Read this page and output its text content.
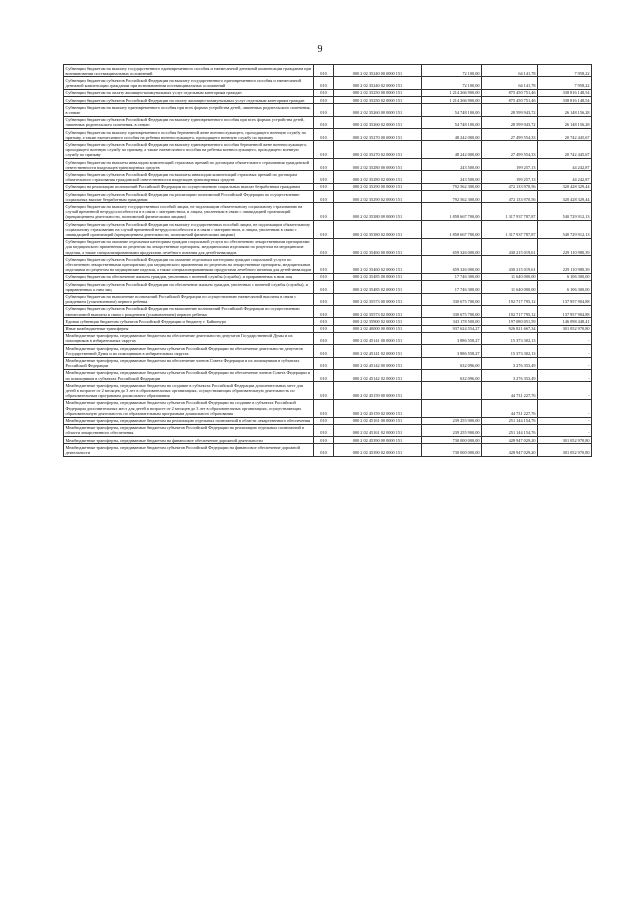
9
Субвенции бюджетам на выплату государственного единовременного пособия и ежемесячной денежной компенсации гражданам при возникновении поствакцинальных осложнений	010	000 2 02 35240 00 0000 151	72 100,00	64 141,78	7 958,22
Субвенции бюджетам субъектов Российской Федерации на выплату государственного единовременного пособия и ежемесячной денежной компенсации гражданам при возникновении поствакцинальных осложнений	010	000 2 02 35240 02 0000 151	72 100,00	64 141,78	7 958,22
Субвенции бюджетам на оплату жилищно-коммунальных услуг отдельным категориям граждан	010	000 2 02 35250 00 0000 151	1 214 266 900,00	875 450 751,46	338 816 148,54
Субвенции бюджетам субъектов Российской Федерации на оплату жилищно-коммунальных услуг отдельным категориям граждан	010	000 2 02 35250 02 0000 151	1 214 266 900,00	875 450 751,46	338 816 148,54
Субвенции бюджетам на выплату единовременного пособия при всех формах устройства детей, лишенных родительского попечения, в семью	010	000 2 02 35260 00 0000 151	54 748 100,00	28 599 943,72	26 148 156,28
Субвенции бюджетам субъектов Российской Федерации на выплату единовременного пособия при всех формах устройства детей, лишенных родительского попечения, в семью	010	000 2 02 35260 02 0000 151	54 748 100,00	28 599 943,72	26 148 156,28
Субвенции бюджетам на выплату единовременного пособия беременной жене военнослужащего, проходящего военную службу по призыву, а также ежемесячного пособия на ребенка военнослужащего, проходящего военную службу по призыву	010	000 2 02 35270 00 0000 151	48 242 000,00	27 499 554,33	20 742 445,67
Субвенции бюджетам субъектов Российской Федерации на выплату единовременного пособия беременной жене военнослужащего, проходящего военную службу по призыву, а также ежемесячного пособия на ребенка военнослужащего, проходящего военную службу по призыву	010	000 2 02 35270 02 0000 151	48 242 000,00	27 499 554,33	20 742 445,67
Субвенции бюджетам на выплаты инвалидам компенсаций страховых премий по договорам обязательного страхования гражданской ответственности владельцев транспортных средств	010	000 2 02 35280 00 0000 151	243 500,00	199 257,13	44 242,87
Субвенции бюджетам субъектов Российской Федерации на выплаты инвалидам компенсаций страховых премий по договорам обязательного страхования гражданской ответственности владельцев транспортных средств	010	000 2 02 35280 02 0000 151	243 500,00	199 257,13	44 242,87
Субвенции на реализацию полномочий Российской Федерации по осуществлению социальных выплат безработным гражданам	010	000 2 02 35290 00 0000 151	792 562 300,00	472 133 970,56	320 428 329,44
Субвенции бюджетам субъектов Российской Федерации на реализацию полномочий Российской Федерации по осуществлению социальных выплат безработным гражданам	010	000 2 02 35290 02 0000 151	792 562 300,00	472 133 970,56	320 428 329,44
Субвенции бюджетам на выплату государственных пособий лицам, не подлежащим обязательному социальному страхованию на случай временной нетрудоспособности и в связи с материнством, и лицам, уволенным в связи с ликвидацией организаций (прекращением деятельности, полномочий физическими лицами)	010	000 2 02 35380 00 0000 151	1 858 667 700,00	1 317 937 787,87	540 729 912,13
Субвенции бюджетам субъектов Российской Федерации на выплату государственных пособий лицам, не подлежащим обязательному социальному страхованию на случай временной нетрудоспособности и в связи с материнством, и лицам, уволенным в связи с ликвидацией организаций (прекращением деятельности, полномочий физическими лицами)	010	000 2 02 35380 02 0000 151	1 858 667 700,00	1 317 937 787,87	540 729 912,13
Субвенции бюджетам на оказание отдельным категориям граждан социальной услуги по обеспечению лекарственными препаратами для медицинского применения по рецептам на лекарственные препараты, медицинскими изделиями по рецептам на медицинские изделия, а также специализированными продуктами лечебного питания для детей-инвалидов	010	000 2 02 35460 00 0000 151	659 326 000,00	430 215 019,61	229 110 980,39
Субвенции бюджетам субъектов Российской Федерации на оказание отдельным категориям граждан социальной услуги по обеспечению лекарственными препаратами для медицинского применения по рецептам на лекарственные препараты, медицинскими изделиями по рецептам на медицинские изделия, а также специализированными продуктами лечебного питания для детей-инвалидов	010	000 2 02 35460 02 0000 151	659 326 000,00	430 215 019,61	229 110 980,39
Субвенции бюджетам на обеспечение жильем граждан, уволенных с военной службы (службы), и приравненных к ним лиц	010	000 2 02 35485 00 0000 151	17 746 300,00	11 640 000,00	6 106 300,00
Субвенции бюджетам субъектов Российской Федерации на обеспечение жильем граждан, уволенных с военной службы (службы), и приравненных к ним лиц	010	000 2 02 35485 02 0000 151	17 746 300,00	11 640 000,00	6 106 300,00
Субвенции бюджетам на выполнение полномочий Российской Федерации по осуществлению ежемесячной выплаты в связи с рождением (усыновлением) первого ребенка	010	000 2 02 35573 00 0000 151	330 675 700,00	192 717 795,12	137 957 904,88
Субвенции бюджетам субъектов Российской Федерации на выполнение полномочий Российской Федерации по осуществлению ежемесячной выплаты в связи с рождением (усыновлением) первого ребенка	010	000 2 02 35573 02 0000 151	330 675 700,00	192 717 795,12	137 957 904,88
Единая субвенция бюджетам субъектов Российской Федерации и бюджету г. Байконура	010	000 2 02 35900 02 0000 151	343 178 500,00	197 080 051,59	146 098 448,41
Иные межбюджетные трансферты	010	000 2 02 40000 00 0000 151	937 624 554,27	926 821 667,34	301 052 970,80
Межбюджетные трансферты, передаваемые бюджетам на обеспечение деятельности депутатов Государственной Думы и их помощников в избирательных округах	010	000 2 02 45141 00 0000 151	3 886 558,27	15 373 302,13	-
Межбюджетные трансферты, передаваемые бюджетам субъектов Российской Федерации на обеспечение деятельности депутатов Государственной Думы и их помощников в избирательных округах	010	000 2 02 45141 02 0000 151	3 886 558,27	15 373 302,13	-
Межбюджетные трансферты, передаваемые бюджетам на обеспечение членов Совета Федерации и их помощников в субъектах Российской Федерации	010	000 2 02 45142 00 0000 151	632 096,00	3 276 353,49	-
Межбюджетные трансферты, передаваемые бюджетам субъектов Российской Федерации на обеспечение членов Совета Федерации и их помощников в субъектах Российской Федерации	010	000 2 02 45142 02 0000 151	632 096,00	3 276 353,49	-
Межбюджетные трансферты, передаваемые бюджетам на создание в субъектах Российской Федерации дополнительных мест для детей в возрасте от 2 месяцев до 3 лет в образовательных организациях, осуществляющих образовательную деятельность по образовательным программам дошкольного образования	010	000 2 02 45159 00 0000 151		44 731 227,76	-
Межбюджетные трансферты, передаваемые бюджетам субъектов Российской Федерации на создание в субъектах Российской Федерации дополнительных мест для детей в возрасте от 2 месяцев до 3 лет в образовательных организациях, осуществляющих образовательную деятельность по образовательным программам дошкольного образования	010	000 2 02 45159 02 0000 151		44 731 227,76	-
Межбюджетные трансферты, передаваемые бюджетам на реализацию отдельных полномочий в области лекарственного обеспечения	010	000 2 02 45161 00 0000 151	239 255 900,00	251 144 154,76	-
Межбюджетные трансферты, передаваемые бюджетам субъектов Российской Федерации на реализацию отдельных полномочий в области лекарственного обеспечения	010	000 2 02 45161 02 0000 151	239 255 900,00	251 144 154,76	-
Межбюджетные трансферты, передаваемые бюджетам на финансовое обеспечение дорожной деятельности	010	000 2 02 45390 00 0000 151	730 000 000,00	428 947 029,20	301 052 970,80
Межбюджетные трансферты, передаваемые бюджетам субъектов Российской Федерации на финансовое обеспечение дорожной деятельности	010	000 2 02 45390 02 0000 151	730 000 000,00	428 947 029,20	301 052 970,80
